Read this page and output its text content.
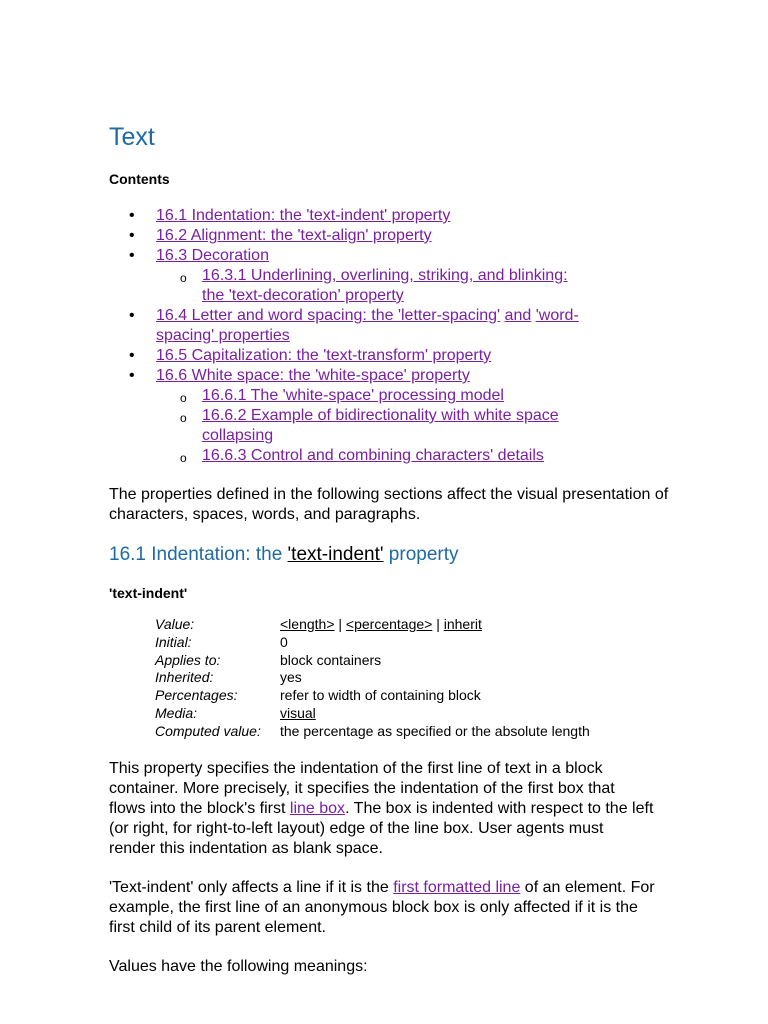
Text
Contents
• 16.1 Indentation: the 'text-indent' property
• 16.2 Alignment: the 'text-align' property
• 16.3 Decoration
o 16.3.1 Underlining, overlining, striking, and blinking:
the 'text-decoration' property
• 16.4 Letter and word spacing: the 'letter-spacing' and 'word-
spacing' properties
• 16.5 Capitalization: the 'text-transform' property
• 16.6 White space: the 'white-space' property
o 16.6.1 The 'white-space' processing model
o 16.6.2 Example of bidirectionality with white space
collapsing
o 16.6.3 Control and combining characters' details

The properties defined in the following sections affect the visual presentation of characters, spaces, words, and paragraphs.

16.1 Indentation: the 'text-indent' property
'text-indent'
Value:	<length> | <percentage> | inherit
Initial:	0
Applies to:	block containers
Inherited:	yes
Percentages:	refer to width of containing block
Media:	visual
Computed value:	the percentage as specified or the absolute length

This property specifies the indentation of the first line of text in a block container. More precisely, it specifies the indentation of the first box that flows into the block's first line box. The box is indented with respect to the left (or right, for right-to-left layout) edge of the line box. User agents must render this indentation as blank space.

'Text-indent' only affects a line if it is the first formatted line of an element. For example, the first line of an anonymous block box is only affected if it is the first child of its parent element.

Values have the following meanings:
